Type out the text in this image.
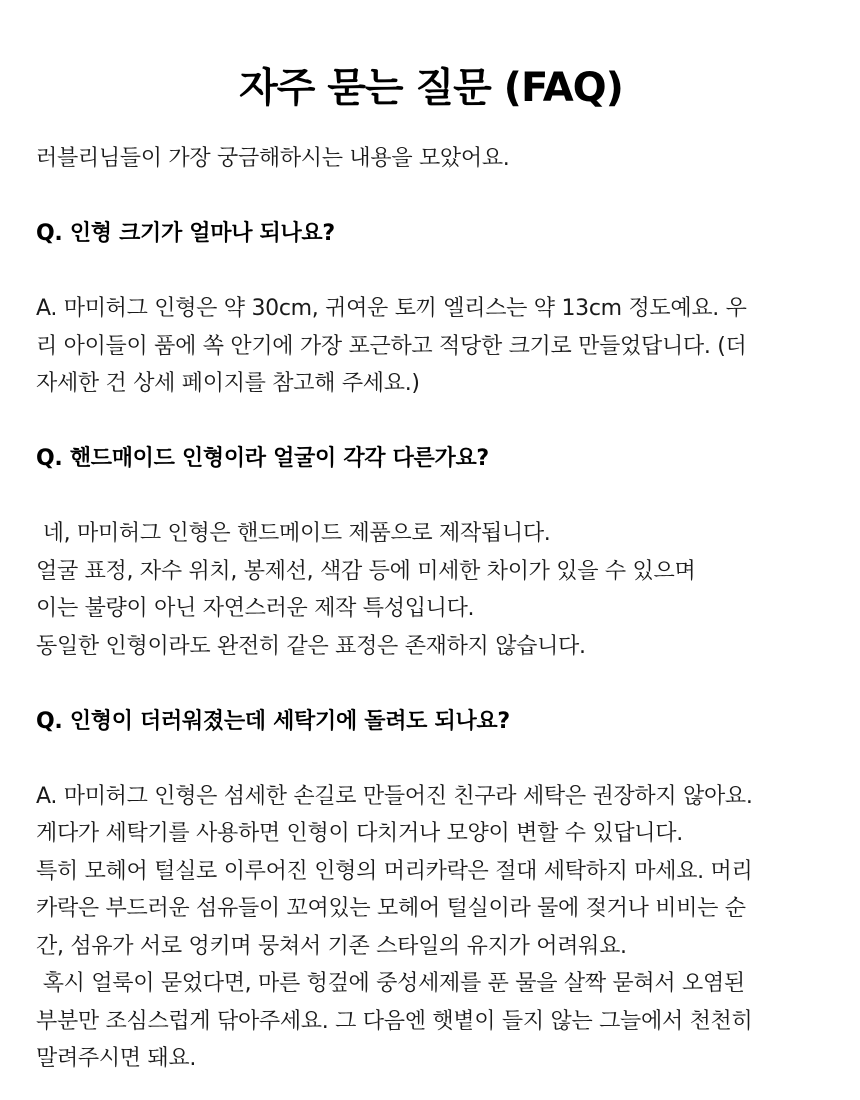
자주 묻는 질문 (FAQ)
러블리님들이 가장 궁금해하시는 내용을 모았어요.
Q. 인형 크기가 얼마나 되나요?
A. 마미허그 인형은 약 30cm, 귀여운 토끼 엘리스는 약 13cm 정도예요. 우
리 아이들이 품에 쏙 안기에 가장 포근하고 적당한 크기로 만들었답니다. (더
자세한 건 상세 페이지를 참고해 주세요.)
Q. 핸드매이드 인형이라 얼굴이 각각 다른가요?
네, 마미허그 인형은 핸드메이드 제품으로 제작됩니다.
얼굴 표정, 자수 위치, 봉제선, 색감 등에 미세한 차이가 있을 수 있으며
이는 불량이 아닌 자연스러운 제작 특성입니다.
동일한 인형이라도 완전히 같은 표정은 존재하지 않습니다.
Q. 인형이 더러워졌는데 세탁기에 돌려도 되나요?
A. 마미허그 인형은 섬세한 손길로 만들어진 친구라 세탁은 권장하지 않아요.
게다가 세탁기를 사용하면 인형이 다치거나 모양이 변할 수 있답니다.
특히 모헤어 털실로 이루어진 인형의 머리카락은 절대 세탁하지 마세요. 머리
카락은 부드러운 섬유들이 꼬여있는 모헤어 털실이라 물에 젖거나 비비는 순
간, 섬유가 서로 엉키며 뭉쳐서 기존 스타일의 유지가 어려워요.
혹시 얼룩이 묻었다면, 마른 헝겊에 중성세제를 푼 물을 살짝 묻혀서 오염된
부분만 조심스럽게 닦아주세요. 그 다음엔 햇볕이 들지 않는 그늘에서 천천히
말려주시면 돼요.
